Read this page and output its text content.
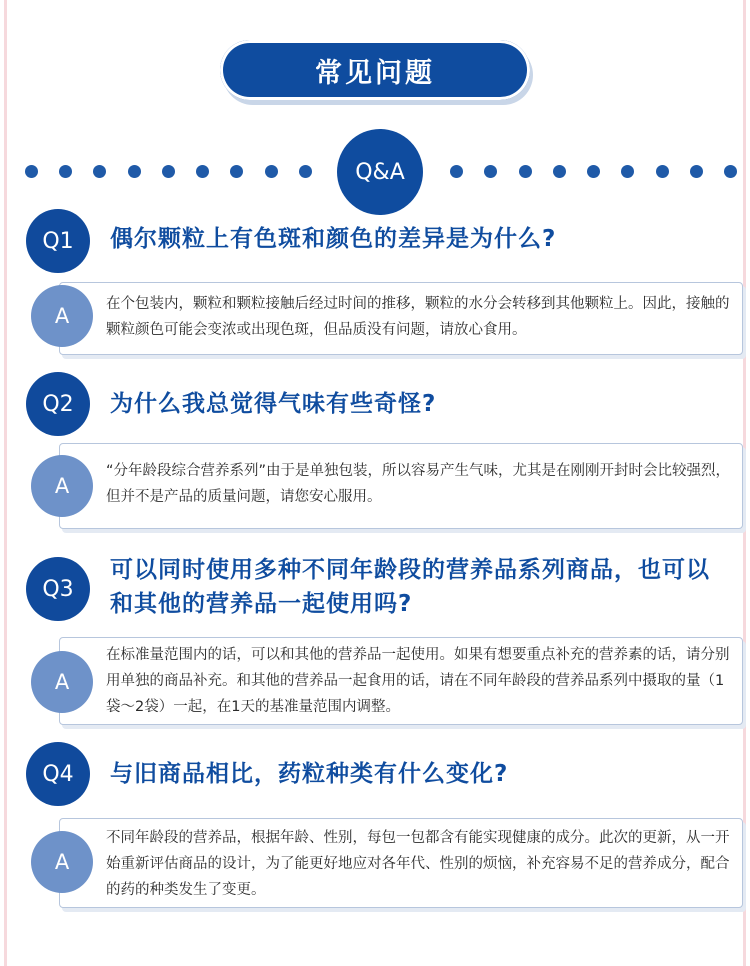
常见问题
Q&A
Q1	偶尔颗粒上有色斑和颜色的差异是为什么?
在个包装内，颗粒和颗粒接触后经过时间的推移，颗粒的水分会转移到其他颗粒上。因此，接触的颗粒颜色可能会变浓或出现色斑，但品质没有问题，请放心食用。
A
Q2	为什么我总觉得气味有些奇怪?
“分年龄段综合营养系列”由于是单独包装，所以容易产生气味，尤其是在刚刚开封时会比较强烈，但并不是产品的质量问题，请您安心服用。
A
Q3
可以同时使用多种不同年龄段的营养品系列商品，也可以和其他的营养品一起使用吗?
在标准量范围内的话，可以和其他的营养品一起使用。如果有想要重点补充的营养素的话，请分别用单独的商品补充。和其他的营养品一起食用的话，请在不同年龄段的营养品系列中摄取的量（1袋～2袋）一起，在1天的基准量范围内调整。
A
Q4	与旧商品相比，药粒种类有什么变化?
不同年龄段的营养品，根据年龄、性别，每包一包都含有能实现健康的成分。此次的更新，从一开始重新评估商品的设计，为了能更好地应对各年代、性别的烦恼，补充容易不足的营养成分，配合的药的种类发生了变更。
A
